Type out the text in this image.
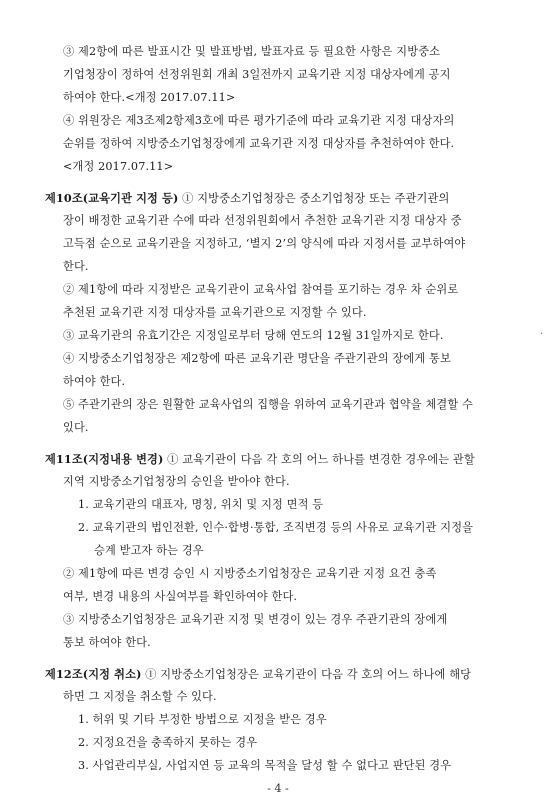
③ 제2항에 따른 발표시간 및 발표방법, 발표자료 등 필요한 사항은 지방중소
기업청장이 정하여 선정위원회 개최 3일전까지 교육기관 지정 대상자에게 공지
하여야 한다.<개정 2017.07.11>
④ 위원장은 제3조제2항제3호에 따른 평가기준에 따라 교육기관 지정 대상자의
순위를 정하여 지방중소기업청장에게 교육기관 지정 대상자를 추천하여야 한다.
<개정 2017.07.11>
제10조(교육기관 지정 등) ① 지방중소기업청장은 중소기업청장 또는 주관기관의
장이 배정한 교육기관 수에 따라 선정위원회에서 추천한 교육기관 지정 대상자 중
고득점 순으로 교육기관을 지정하고, ‘별지 2’의 양식에 따라 지정서를 교부하여야
한다.
② 제1항에 따라 지정받은 교육기관이 교육사업 참여를 포기하는 경우 차 순위로
추천된 교육기관 지정 대상자를 교육기관으로 지정할 수 있다.
③ 교육기관의 유효기간은 지정일로부터 당해 연도의 12월 31일까지로 한다.
④ 지방중소기업청장은 제2항에 따른 교육기관 명단을 주관기관의 장에게 통보
하여야 한다.
⑤ 주관기관의 장은 원활한 교육사업의 집행을 위하여 교육기관과 협약을 체결할 수
있다.
제11조(지정내용 변경) ① 교육기관이 다음 각 호의 어느 하나를 변경한 경우에는 관할
지역 지방중소기업청장의 승인을 받아야 한다.
1. 교육기관의 대표자, 명칭, 위치 및 지정 면적 등
2. 교육기관의 법인전환, 인수·합병·통합, 조직변경 등의 사유로 교육기관 지정을
승계 받고자 하는 경우
② 제1항에 따른 변경 승인 시 지방중소기업청장은 교육기관 지정 요건 충족
여부, 변경 내용의 사실여부를 확인하여야 한다.
③ 지방중소기업청장은 교육기관 지정 및 변경이 있는 경우 주관기관의 장에게
통보 하여야 한다.
제12조(지정 취소) ① 지방중소기업청장은 교육기관이 다음 각 호의 어느 하나에 해당
하면 그 지정을 취소할 수 있다.
1. 허위 및 기타 부정한 방법으로 지정을 받은 경우
2. 지정요건을 충족하지 못하는 경우
3. 사업관리부실, 사업지연 등 교육의 목적을 달성 할 수 없다고 판단된 경우
·
- 4 -
